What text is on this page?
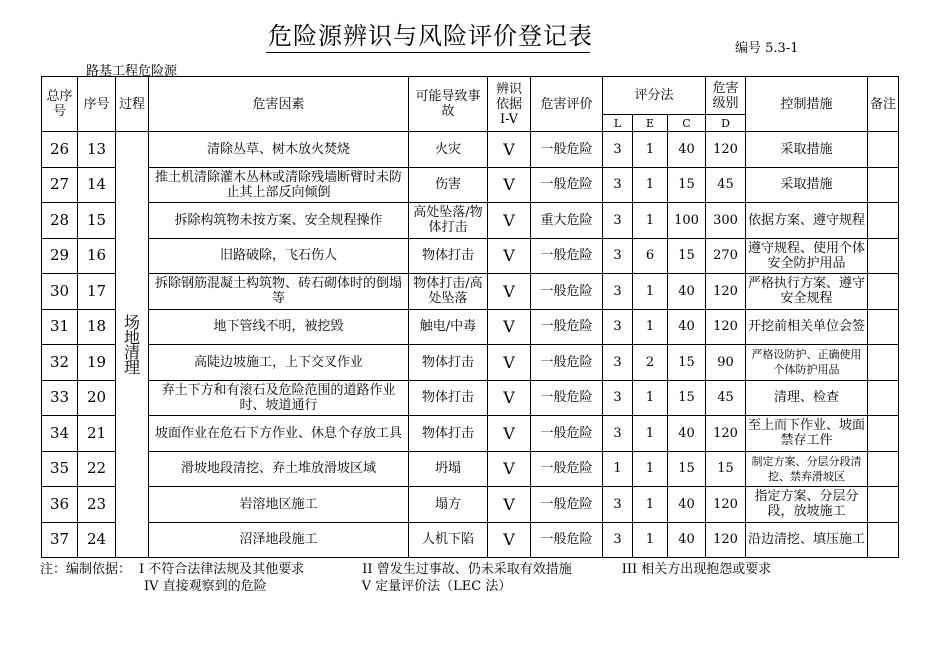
危险源辨识与风险评价登记表	编号 5.3-1
路基工程危险源
总序号	序号	过程	危害因素	可能导致事故	辨识依据 I-V	危害评价	评分法			危害级别	控制措施	备注
							L	E	C	D		
26	13	场 地 清 理	清除丛草、树木放火焚烧	火灾	V	一般危险	3	1	40	120	采取措施	
27	14		推土机清除灌木丛林或清除残墙断臂时未防止其上部反向倾倒	伤害	V	一般危险	3	1	15	45	采取措施	
28	15		拆除构筑物未按方案、安全规程操作	高处坠落/物体打击	V	重大危险	3	1	100	300	依据方案、遵守规程	
29	16		旧路破除，飞石伤人	物体打击	V	一般危险	3	6	15	270	遵守规程、使用个体安全防护用品	
30	17		拆除钢筋混凝土构筑物、砖石砌体时的倒塌等	物体打击/高处坠落	V	一般危险	3	1	40	120	严格执行方案、遵守安全规程	
31	18		地下管线不明，被挖毁	触电/中毒	V	一般危险	3	1	40	120	开挖前相关单位会签	
32	19		高陡边坡施工，上下交叉作业	物体打击	V	一般危险	3	2	15	90	严格设防护、正确使用个体防护用品	
33	20		弃土下方和有滚石及危险范围的道路作业时、坡道通行	物体打击	V	一般危险	3	1	15	45	清理、检查	
34	21		坡面作业在危石下方作业、休息个存放工具	物体打击	V	一般危险	3	1	40	120	至上而下作业、坡面禁存工件	
35	22		滑坡地段清挖、弃土堆放滑坡区域	坍塌	V	一般危险	1	1	15	15	制定方案、分层分段清挖、禁弃滑坡区	
36	23		岩溶地区施工	塌方	V	一般危险	3	1	40	120	指定方案、分层分段，放坡施工	
37	24		沼泽地段施工	人机下陷	V	一般危险	3	1	40	120	沿边清挖、填压施工	
注：编制依据： I 不符合法律法规及其他要求	II 曾发生过事故、仍未采取有效措施	III 相关方出现抱怨或要求
IV 直接观察到的危险	V 定量评价法（LEC 法）
